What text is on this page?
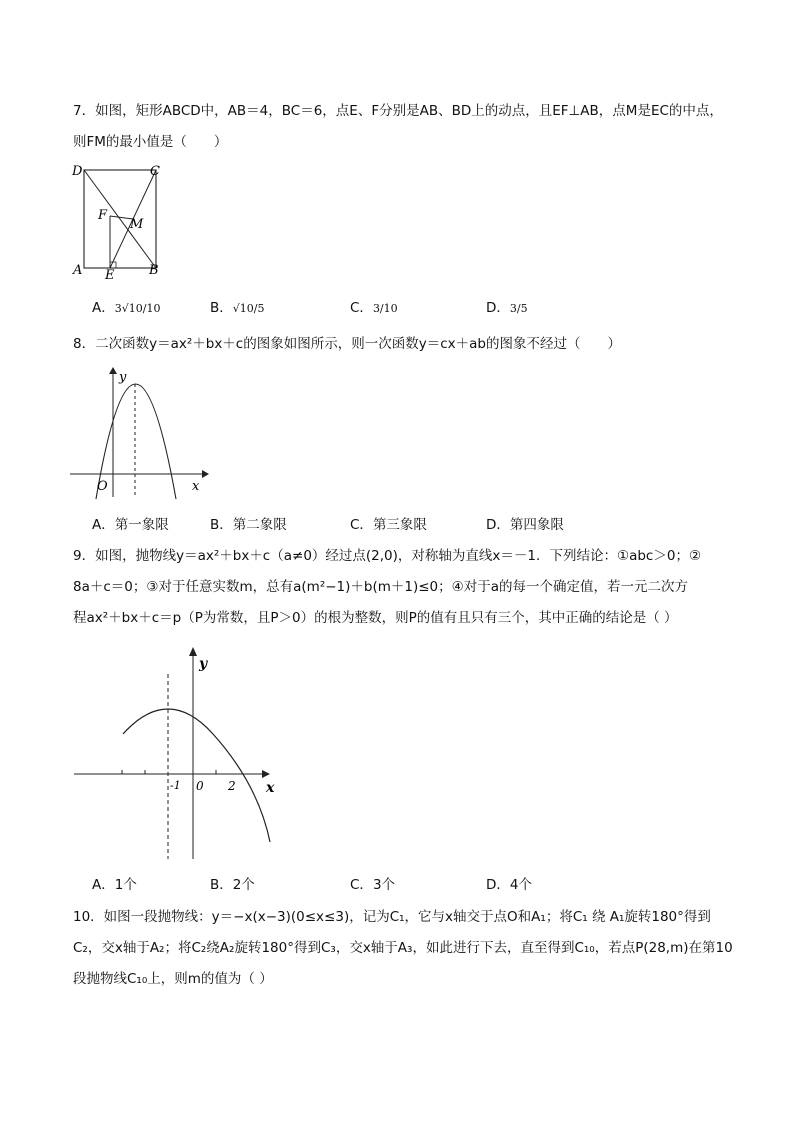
7．如图，矩形ABCD中，AB＝4，BC＝6，点E、F分别是AB、BD上的动点，且EF⊥AB，点M是EC的中点，
则FM的最小值是（　　）
D	C
F
M
A E	B
A．3√10/10	B．√10/5	C．3/10	D．3/5
8．二次函数y＝ax²＋bx＋c的图象如图所示，则一次函数y＝cx＋ab的图象不经过（　　）
y
x
O
A．第一象限	B．第二象限	C．第三象限	D．第四象限
9．如图，抛物线y＝ax²＋bx＋c（a≠0）经过点(2,0)，对称轴为直线x＝－1．下列结论：①abc＞0；②
8a＋c＝0；③对于任意实数m，总有a(m²−1)＋b(m＋1)≤0；④对于a的每一个确定值，若一元二次方
程ax²＋bx＋c＝p（P为常数，且P＞0）的根为整数，则P的值有且只有三个，其中正确的结论是（ ）
y
x
-1 0 2
A．1个	B．2个	C．3个	D．4个
10．如图一段抛物线：y＝−x(x−3)(0≤x≤3)，记为C₁，它与x轴交于点O和A₁；将C₁ 绕 A₁旋转180°得到
C₂，交x轴于A₂；将C₂绕A₂旋转180°得到C₃，交x轴于A₃，如此进行下去，直至得到C₁₀，若点P(28,m)在第10
段抛物线C₁₀上，则m的值为（ ）
